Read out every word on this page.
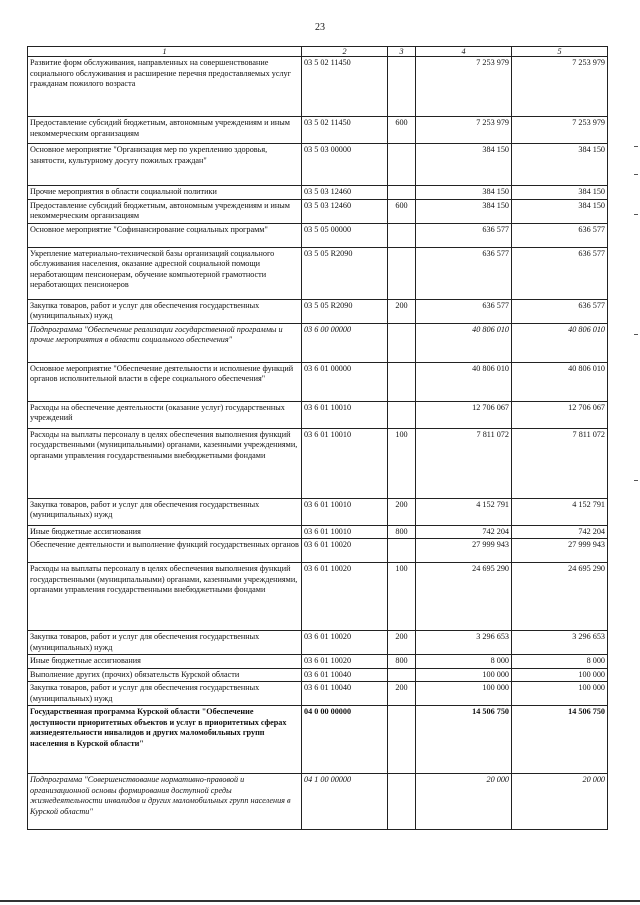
23
1	2	3	4	5
Развитие форм обслуживания, направленных на совершенствование социального обслуживания и расширение перечня предоставляемых услуг гражданам пожилого возраста	03 5 02 11450		7 253 979	7 253 979
Предоставление субсидий бюджетным, автономным учреждениям и иным некоммерческим организациям	03 5 02 11450	600	7 253 979	7 253 979
Основное мероприятие "Организация мер по укреплению здоровья, занятости, культурному досугу пожилых граждан"	03 5 03 00000		384 150	384 150
Прочие мероприятия в области социальной политики	03 5 03 12460		384 150	384 150
Предоставление субсидий бюджетным, автономным учреждениям и иным некоммерческим организациям	03 5 03 12460	600	384 150	384 150
Основное мероприятие "Софинансирование социальных программ"	03 5 05 00000		636 577	636 577
Укрепление материально-технической базы организаций социального обслуживания населения, оказание адресной социальной помощи неработающим пенсионерам, обучение компьютерной грамотности неработающих пенсионеров	03 5 05 R2090		636 577	636 577
Закупка товаров, работ и услуг для обеспечения государственных (муниципальных) нужд	03 5 05 R2090	200	636 577	636 577
Подпрограмма "Обеспечение реализации государственной программы и прочие мероприятия в области социального обеспечения"	03 6 00 00000		40 806 010	40 806 010
Основное мероприятие "Обеспечение деятельности и исполнение функций органов исполнительной власти в сфере социального обеспечения"	03 6 01 00000		40 806 010	40 806 010
Расходы на обеспечение деятельности (оказание услуг) государственных учреждений	03 6 01 10010		12 706 067	12 706 067
Расходы на выплаты персоналу в целях обеспечения выполнения функций государственными (муниципальными) органами, казенными учреждениями, органами управления государственными внебюджетными фондами	03 6 01 10010	100	7 811 072	7 811 072
Закупка товаров, работ и услуг для обеспечения государственных (муниципальных) нужд	03 6 01 10010	200	4 152 791	4 152 791
Иные бюджетные ассигнования	03 6 01 10010	800	742 204	742 204
Обеспечение деятельности и выполнение функций государственных органов	03 6 01 10020		27 999 943	27 999 943
Расходы на выплаты персоналу в целях обеспечения выполнения функций государственными (муниципальными) органами, казенными учреждениями, органами управления государственными внебюджетными фондами	03 6 01 10020	100	24 695 290	24 695 290
Закупка товаров, работ и услуг для обеспечения государственных (муниципальных) нужд	03 6 01 10020	200	3 296 653	3 296 653
Иные бюджетные ассигнования	03 6 01 10020	800	8 000	8 000
Выполнение других (прочих) обязательств Курской области	03 6 01 10040		100 000	100 000
Закупка товаров, работ и услуг для обеспечения государственных (муниципальных) нужд	03 6 01 10040	200	100 000	100 000
Государственная программа Курской области "Обеспечение доступности приоритетных объектов и услуг в приоритетных сферах жизнедеятельности инвалидов и других маломобильных групп населения в Курской области"	04 0 00 00000		14 506 750	14 506 750
Подпрограмма "Совершенствование нормативно-правовой и организационной основы формирования доступной среды жизнедеятельности инвалидов и других маломобильных групп населения в Курской области"	04 1 00 00000		20 000	20 000
